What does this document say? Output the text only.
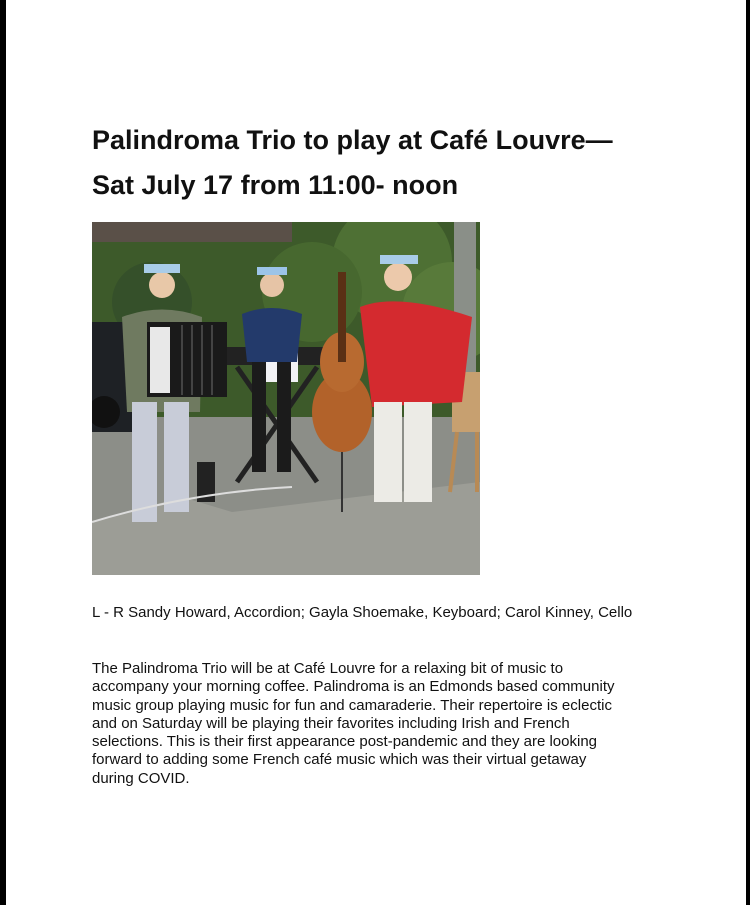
Palindroma Trio to play at Café Louvre—
Sat July 17 from 11:00- noon

L - R Sandy Howard, Accordion; Gayla Shoemake, Keyboard; Carol Kinney, Cello

The Palindroma Trio will be at Café Louvre for a relaxing bit of music to
accompany your morning coffee. Palindroma is an Edmonds based community
music group playing music for fun and camaraderie. Their repertoire is eclectic
and on Saturday will be playing their favorites including Irish and French
selections. This is their first appearance post-pandemic and they are looking
forward to adding some French café music which was their virtual getaway
during COVID.
